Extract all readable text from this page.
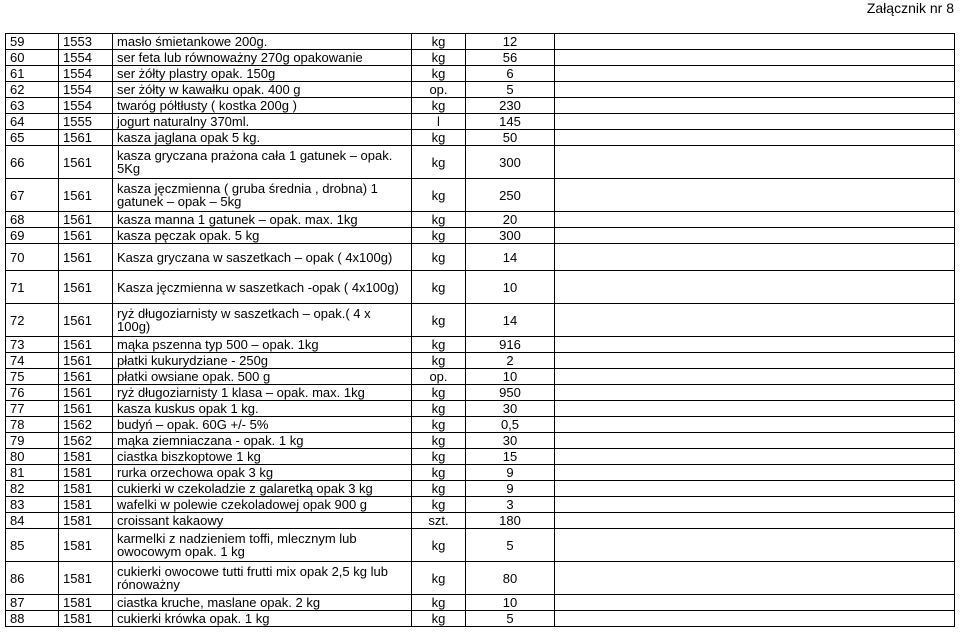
Załącznik nr 8
59	1553	masło śmietankowe 200g.	kg	12	
60	1554	ser feta lub równoważny 270g opakowanie	kg	56	
61	1554	ser żółty plastry opak. 150g	kg	6	
62	1554	ser żółty w kawałku opak. 400 g	op.	5	
63	1554	twaróg półtłusty ( kostka 200g )	kg	230	
64	1555	jogurt naturalny 370ml.	l	145	
65	1561	kasza jaglana opak 5 kg.	kg	50	
66	1561	kasza gryczana prażona cała 1 gatunek – opak. 5Kg	kg	300	
67	1561	kasza jęczmienna ( gruba średnia , drobna) 1 gatunek – opak – 5kg	kg	250	
68	1561	kasza manna 1 gatunek – opak. max. 1kg	kg	20	
69	1561	kasza pęczak opak. 5 kg	kg	300	
70	1561	Kasza gryczana w saszetkach – opak ( 4x100g)	kg	14	
71	1561	Kasza jęczmienna w saszetkach -opak ( 4x100g)	kg	10	
72	1561	ryż długoziarnisty w saszetkach – opak.( 4 x 100g)	kg	14	
73	1561	mąka pszenna typ 500 – opak. 1kg	kg	916	
74	1561	płatki kukurydziane - 250g	kg	2	
75	1561	płatki owsiane opak. 500 g	op.	10	
76	1561	ryż długoziarnisty 1 klasa – opak. max. 1kg	kg	950	
77	1561	kasza kuskus opak 1 kg.	kg	30	
78	1562	budyń – opak. 60G +/- 5%	kg	0,5	
79	1562	mąka ziemniaczana - opak. 1 kg	kg	30	
80	1581	ciastka biszkoptowe 1 kg	kg	15	
81	1581	rurka orzechowa opak 3 kg	kg	9	
82	1581	cukierki w czekoladzie z galaretką opak 3 kg	kg	9	
83	1581	wafelki w polewie czekoladowej opak 900 g	kg	3	
84	1581	croissant kakaowy	szt.	180	
85	1581	karmelki z nadzieniem toffi, mlecznym lub owocowym opak. 1 kg	kg	5	
86	1581	cukierki owocowe tutti frutti mix opak 2,5 kg lub rónoważny	kg	80	
87	1581	ciastka kruche, maslane opak. 2 kg	kg	10	
88	1581	cukierki krówka opak. 1 kg	kg	5	
